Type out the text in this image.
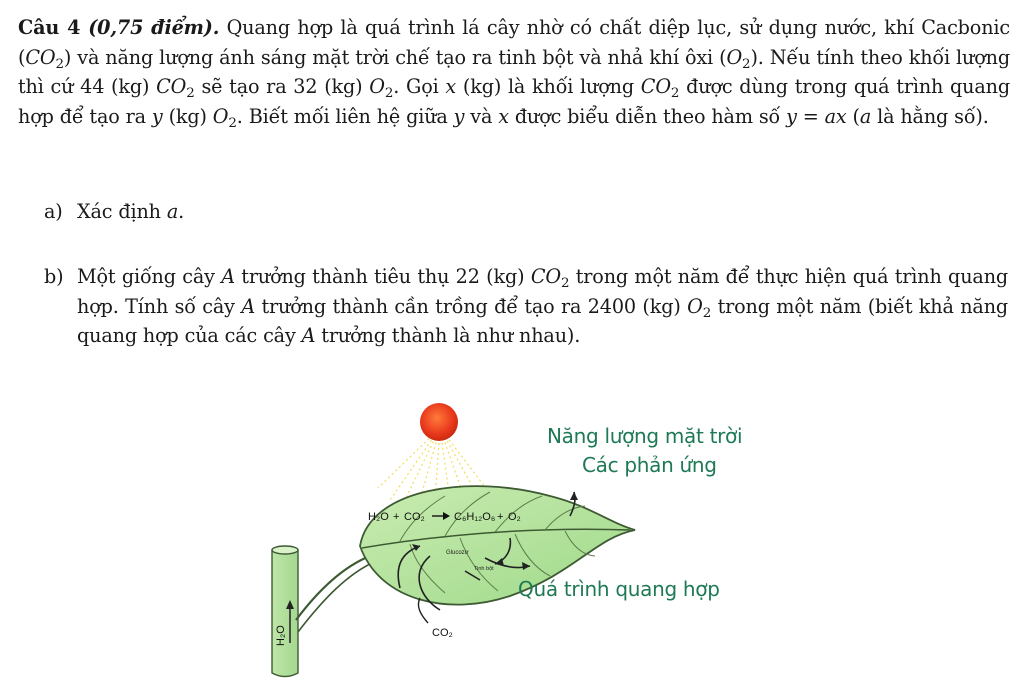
Câu 4 (0,75 điểm). Quang hợp là quá trình lá cây nhờ có chất diệp lục, sử dụng nước, khí Cacbonic $(CO_2)$ và năng lượng ánh sáng mặt trời chế tạo ra tinh bột và nhả khí ôxi $(O_2)$. Nếu tính theo khối lượng thì cứ 44 (kg) $CO_2$ sẽ tạo ra 32 (kg) $O_2$. Gọi x (kg) là khối lượng $CO_2$ được dùng trong quá trình quang hợp để tạo ra y (kg) $O_2$. Biết mối liên hệ giữa y và x được biểu diễn theo hàm số y = ax (a là hằng số).
a) Xác định a.
b) Một giống cây A trưởng thành tiêu thụ 22 (kg) $CO_2$ trong một năm để thực hiện quá trình quang hợp. Tính số cây A trưởng thành cần trồng để tạo ra 2400 (kg) $O_2$ trong một năm (biết khả năng quang hợp của các cây A trưởng thành là như nhau).
H₂O + CO₂	C₆H₁₂O₆ + O₂
Glucozơ
Tinh bột
H₂O	CO₂
Năng lượng mặt trời
Các phản ứng
Quá trình quang hợp
